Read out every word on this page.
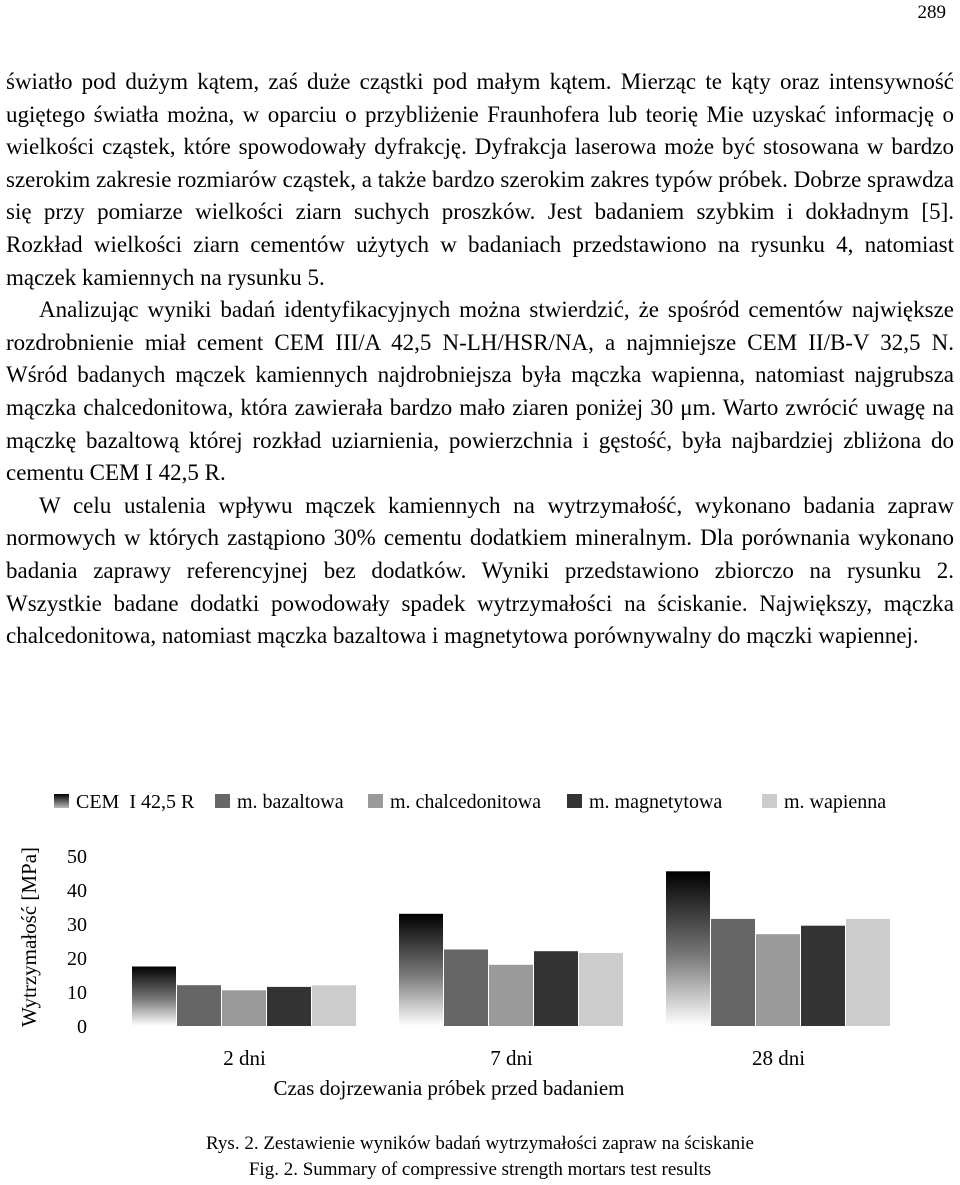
289

światło pod dużym kątem, zaś duże cząstki pod małym kątem. Mierząc te kąty oraz intensywność ugiętego światła można, w oparciu o przybliżenie Fraunhofera lub teorię Mie uzyskać informację o wielkości cząstek, które spowodowały dyfrakcję. Dyfrakcja laserowa może być stosowana w bardzo szerokim zakresie rozmiarów cząstek, a także bardzo szerokim zakres typów próbek. Dobrze sprawdza się przy pomiarze wielkości ziarn suchych proszków. Jest badaniem szybkim i dokładnym [5]. Rozkład wielkości ziarn cementów użytych w badaniach przedstawiono na rysunku 4, natomiast mączek kamiennych na rysunku 5.

Analizując wyniki badań identyfikacyjnych można stwierdzić, że spośród cementów największe rozdrobnienie miał cement CEM III/A 42,5 N-LH/HSR/NA, a najmniejsze CEM II/B-V 32,5 N. Wśród badanych mączek kamiennych najdrobniejsza była mączka wapienna, natomiast najgrubsza mączka chalcedonitowa, która zawierała bardzo mało ziaren poniżej 30 μm. Warto zwrócić uwagę na mączkę bazaltową której rozkład uziarnienia, powierzchnia i gęstość, była najbardziej zbliżona do cementu CEM I 42,5 R.

W celu ustalenia wpływu mączek kamiennych na wytrzymałość, wykonano badania zapraw normowych w których zastąpiono 30% cementu dodatkiem mineralnym. Dla porównania wykonano badania zaprawy referencyjnej bez dodatków. Wyniki przedstawiono zbiorczo na rysunku 2. Wszystkie badane dodatki powodowały spadek wytrzymałości na ściskanie. Największy, mączka chalcedonitowa, natomiast mączka bazaltowa i magnetytowa porównywalny do mączki wapiennej.

CEM  I 42,5 R m. bazaltowa m. chalcedonitowa m. magnetytowa	m. wapienna
0
10
20
30
40
50
2 dni	7 dni	28 dni
Wytrzymałość [MPa]
Czas dojrzewania próbek przed badaniem
Rys. 2. Zestawienie wyników badań wytrzymałości zapraw na ściskanie
Fig. 2. Summary of compressive strength mortars test results
